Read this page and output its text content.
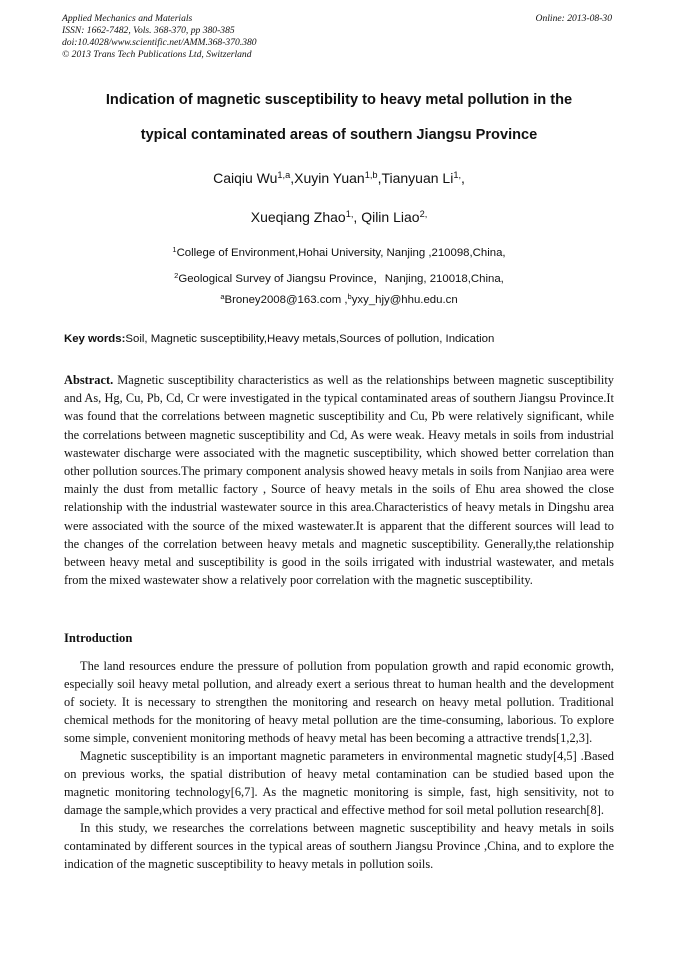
Applied Mechanics and Materials
ISSN: 1662-7482, Vols. 368-370, pp 380-385
doi:10.4028/www.scientific.net/AMM.368-370.380
© 2013 Trans Tech Publications Ltd, Switzerland
Online: 2013-08-30
Indication of magnetic susceptibility to heavy metal pollution in the
typical contaminated areas of southern Jiangsu Province
Caiqiu Wu$^{1,a}$,Xuyin Yuan$^{1,b}$,Tianyuan $Li^{1,}$,
Xueqiang Zhao$^{1,}$, Qilin Liao$^{2,}$
$^1$College of Environment,Hohai University, Nanjing ,210098,China,
$^2$Geological Survey of Jiangsu Province，Nanjing, 210018,China,
$^a$Broney2008@163.com ,$^b$yxy_hjy@hhu.edu.cn
Key words:Soil, Magnetic susceptibility,Heavy metals,Sources of pollution, Indication

Abstract. Magnetic susceptibility characteristics as well as the relationships between magnetic susceptibility and As, Hg, Cu, Pb, Cd, Cr were investigated in the typical contaminated areas of southern Jiangsu Province.It was found that the correlations between magnetic susceptibility and Cu, Pb were relatively significant, while the correlations between magnetic susceptibility and Cd, As were weak. Heavy metals in soils from industrial wastewater discharge were associated with the magnetic susceptibility, which showed better correlation than other pollution sources.The primary component analysis showed heavy metals in soils from Nanjiao area were mainly the dust from metallic factory , Source of heavy metals in the soils of Ehu area showed the close relationship with the industrial wastewater source in this area.Characteristics of heavy metals in Dingshu area were associated with the source of the mixed wastewater.It is apparent that the different sources will lead to the changes of the correlation between heavy metals and magnetic susceptibility. Generally,the relationship between heavy metal and susceptibility is good in the soils irrigated with industrial wastewater, and metals from the mixed wastewater show a relatively poor correlation with the magnetic susceptibility.

Introduction

The land resources endure the pressure of pollution from population growth and rapid economic growth, especially soil heavy metal pollution, and already exert a serious threat to human health and the development of society. It is necessary to strengthen the monitoring and research on heavy metal pollution. Traditional chemical methods for the monitoring of heavy metal pollution are the time-consuming, laborious. To explore some simple, convenient monitoring methods of heavy metal has been becoming a attractive trends[1,2,3].

Magnetic susceptibility is an important magnetic parameters in environmental magnetic study[4,5] .Based on previous works, the spatial distribution of heavy metal contamination can be studied based upon the magnetic monitoring technology[6,7]. As the magnetic monitoring is simple, fast, high sensitivity, not to damage the sample,which provides a very practical and effective method for soil metal pollution research[8].

In this study, we researches the correlations between magnetic susceptibility and heavy metals in soils contaminated by different sources in the typical areas of southern Jiangsu Province ,China, and to explore the indication of the magnetic susceptibility to heavy metals in pollution soils.
